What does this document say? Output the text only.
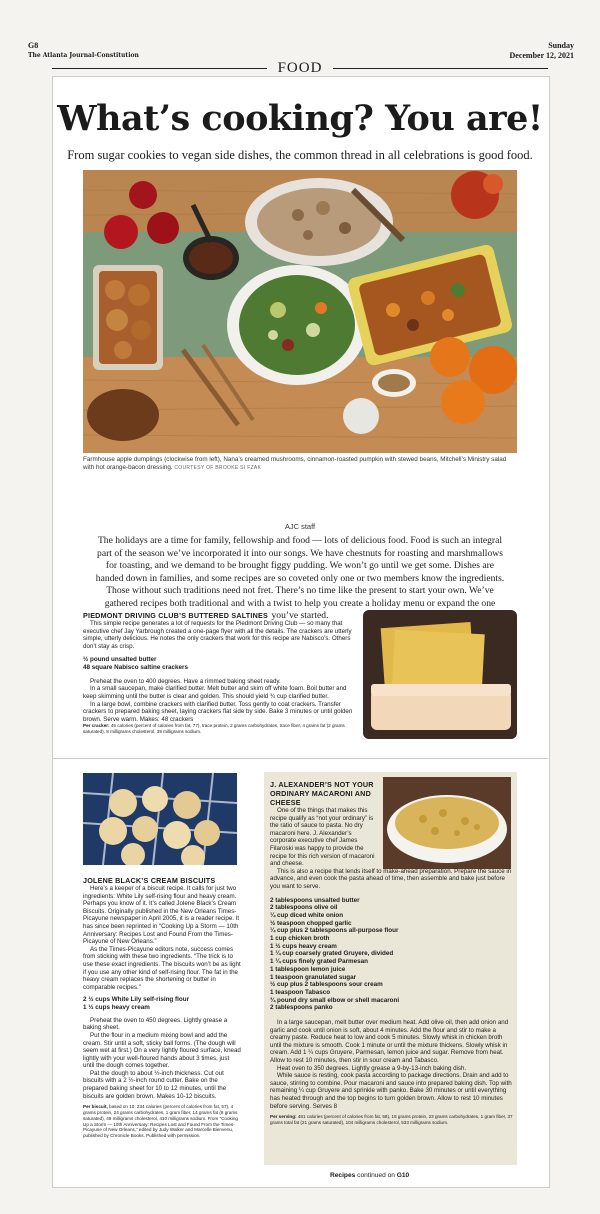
G8
The Atlanta Journal-Constitution
Sunday
December 12, 2021
FOOD
What’s cooking? You are!
From sugar cookies to vegan side dishes, the common thread in all celebrations is good food.
Farmhouse apple dumplings (clockwise from left), Nana’s creamed mushrooms, cinnamon-roasted pumpkin with stewed beans, Mitchell’s Ministry salad with hot orange-bacon dressing. COURTESY OF BROOKE SI FZAK
AJC staff
The holidays are a time for family, fellowship and food — lots of delicious food. Food is such an integral part of the season we’ve incorporated it into our songs. We have chestnuts for roasting and marshmallows for toasting, and we demand to be brought figgy pudding. We won’t go until we get some. Dishes are handed down in families, and some recipes are so coveted only one or two members know the ingredients. Those without such traditions need not fret. There’s no time like the present to start your own. We’ve gathered recipes both traditional and with a twist to help you create a holiday menu or expand the one you’ve started.
PIEDMONT DRIVING CLUB’S BUTTERED SALTINES

This simple recipe generates a lot of requests for the Piedmont Driving Club — so many that executive chef Jay Yarbrough created a one-page flyer with all the details. The crackers are utterly simple, utterly delicious. He notes the only crackers that work for this recipe are Nabisco’s. Others don’t stay as crisp.

½ pound unsalted butter
48 square Nabisco saltine crackers

Preheat the oven to 400 degrees. Have a rimmed baking sheet ready.

In a small saucepan, make clarified butter. Melt butter and skim off white foam. Boil butter and keep skimming until the butter is clear and golden. This should yield ¾ cup clarified butter.

In a large bowl, combine crackers with clarified butter. Toss gently to coat crackers. Transfer crackers to prepared baking sheet, laying crackers flat side by side. Bake 3 minutes or until golden brown. Serve warm. Makes: 48 crackers

Per cracker: 45 calories (percent of calories from fat, 77), trace protein, 2 grams carbohydrates, trace fiber, 4 grams fat (2 grams saturated), 8 milligrams cholesterol, 39 milligrams sodium.
JOLENE BLACK’S CREAM BISCUITS

Here’s a keeper of a biscuit recipe. It calls for just two ingredients: White Lily self-rising flour and heavy cream. Perhaps you know of it. It’s called Jolene Black’s Cream Biscuits. Originally published in the New Orleans Times-Picayune newspaper in April 2005, it is a reader recipe. It has since been reprinted in “Cooking Up a Storm — 10th Anniversary: Recipes Lost and Found From the Times-Picayune of New Orleans.”

As the Times-Picayune editors note, success comes from sticking with these two ingredients. “The trick is to use these exact ingredients. The biscuits won’t be as light if you use any other kind of self-rising flour. The fat in the heavy cream replaces the shortening or butter in comparable recipes.”

2 ½ cups White Lily self-rising flour
1 ½ cups heavy cream

Preheat the oven to 450 degrees. Lightly grease a baking sheet.

Put the flour in a medium mixing bowl and add the cream. Stir until a soft, sticky ball forms. (The dough will seem wet at first.) On a very lightly floured surface, knead lightly with your well-floured hands about 3 times, just until the dough comes together.

Pat the dough to about ½-inch thickness. Cut out biscuits with a 2 ½-inch round cutter. Bake on the prepared baking sheet for 10 to 12 minutes, until the biscuits are golden brown. Makes 10-12 biscuits.

Per biscuit, based on 10: 234 calories (percent of calories from fat, 57), 4 grams protein, 24 grams carbohydrates, 1 gram fiber, 14 grams fat (8 grams saturated), 49 milligrams cholesterol, 410 milligrams sodium. From “Cooking Up a Storm — 10th Anniversary: Recipes Lost and Found From the Times-Picayune of New Orleans,” edited by Judy Walker and Marcelle Bienvenu, published by Chronicle Books. Published with permission.
J. ALEXANDER’S NOT YOUR
ORDINARY MACARONI AND
CHEESE

One of the things that makes this recipe qualify as “not your ordinary” is the ratio of sauce to pasta. No dry macaroni here. J. Alexander’s corporate executive chef James Filaroski was happy to provide the recipe for this rich version of macaroni and cheese.

This is also a recipe that lends itself to make-ahead preparation. Prepare the sauce in advance, and even cook the pasta ahead of time, then assemble and bake just before you want to serve.

2 tablespoons unsalted butter
2 tablespoons olive oil
¼ cup diced white onion
½ teaspoon chopped garlic
¼ cup plus 2 tablespoons all-purpose flour
1 cup chicken broth
1 ½ cups heavy cream
1 ¼ cup coarsely grated Gruyere, divided
1 ¼ cups finely grated Parmesan
1 tablespoon lemon juice
1 teaspoon granulated sugar
½ cup plus 2 tablespoons sour cream
1 teaspoon Tabasco
¾ pound dry small elbow or shell macaroni
2 tablespoons panko

In a large saucepan, melt butter over medium heat. Add olive oil, then add onion and garlic and cook until onion is soft, about 4 minutes. Add the flour and stir to make a creamy paste. Reduce heat to low and cook 5 minutes. Slowly whisk in chicken broth until the mixture is smooth. Cook 1 minute or until the mixture thickens. Slowly whisk in cream. Add 1 ¼ cups Gruyere, Parmesan, lemon juice and sugar. Remove from heat. Allow to rest 10 minutes, then stir in sour cream and Tabasco.

Heat oven to 350 degrees. Lightly grease a 9-by-13-inch baking dish.

While sauce is resting, cook pasta according to package directions. Drain and add to sauce, stirring to combine. Pour macaroni and sauce into prepared baking dish. Top with remaining ¼ cup Gruyere and sprinkle with panko. Bake 30 minutes or until everything has heated through and the top begins to turn golden brown. Allow to rest 10 minutes before serving. Serves 8

Per serving: 481 calories (percent of calories from fat, 58), 15 grams protein, 23 grams carbohydrates, 1 gram fiber, 37 grams total fat (21 grams saturated), 104 milligrams cholesterol, 533 milligrams sodium.
Recipes continued on G10
